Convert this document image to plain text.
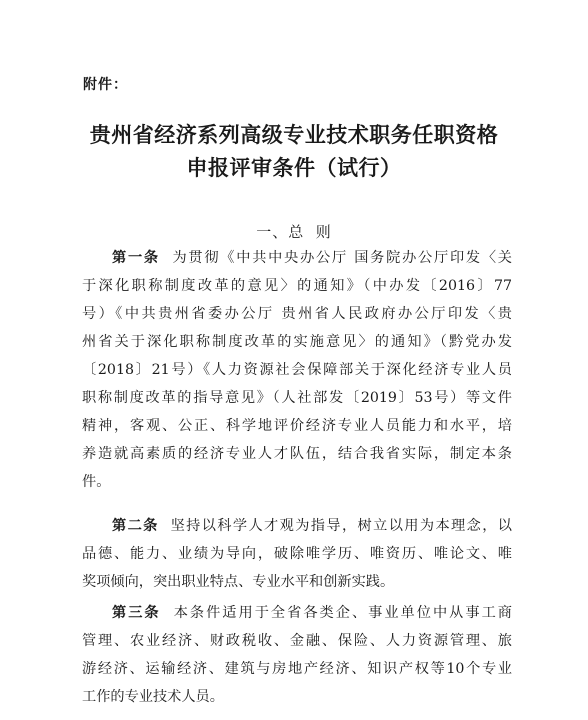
附件：
贵州省经济系列高级专业技术职务任职资格
申报评审条件（试行）
一、总  则
第一条 为贯彻《中共中央办公厅 国务院办公厅印发〈关
于深化职称制度改革的意见〉的通知》（中办发〔2016〕77
号）《中共贵州省委办公厅 贵州省人民政府办公厅印发〈贵
州省关于深化职称制度改革的实施意见〉的通知》（黔党办发
〔2018〕21号）《人力资源社会保障部关于深化经济专业人员
职称制度改革的指导意见》（人社部发〔2019〕53号）等文件
精神，客观、公正、科学地评价经济专业人员能力和水平，培
养造就高素质的经济专业人才队伍，结合我省实际，制定本条
件。
第二条 坚持以科学人才观为指导，树立以用为本理念，以
品德、能力、业绩为导向，破除唯学历、唯资历、唯论文、唯
奖项倾向，突出职业特点、专业水平和创新实践。
第三条 本条件适用于全省各类企、事业单位中从事工商
管理、农业经济、财政税收、金融、保险、人力资源管理、旅
游经济、运输经济、建筑与房地产经济、知识产权等10个专业
工作的专业技术人员。
